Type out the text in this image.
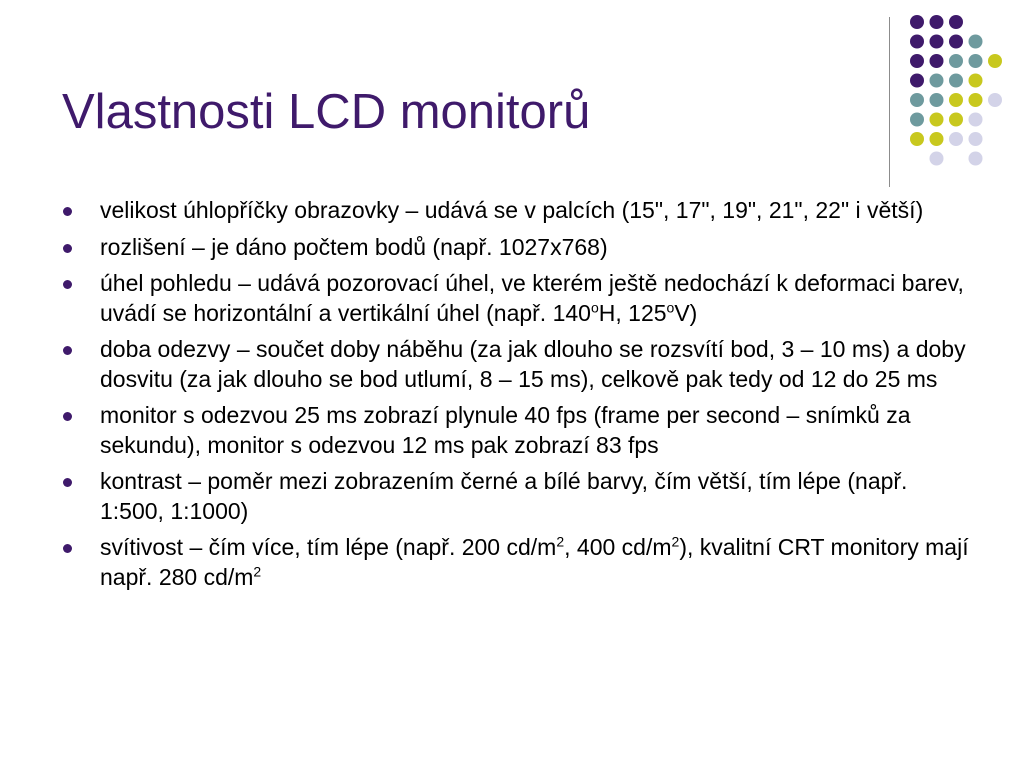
Vlastnosti LCD monitorů
velikost úhlopříčky obrazovky – udává se v palcích (15", 17", 19", 21", 22" i větší)
rozlišení – je dáno počtem bodů (např. 1027x768)
úhel pohledu – udává pozorovací úhel, ve kterém ještě nedochází k deformaci barev, uvádí se horizontální a vertikální úhel (např. 140$^o$H, 125$^o$V)
doba odezvy – součet doby náběhu (za jak dlouho se rozsvítí bod, 3 – 10 ms) a doby dosvitu (za jak dlouho se bod utlumí, 8 – 15 ms), celkově pak tedy od 12 do 25 ms
monitor s odezvou 25 ms zobrazí plynule 40 fps (frame per second – snímků za sekundu), monitor s odezvou 12 ms pak zobrazí 83 fps
kontrast – poměr mezi zobrazením černé a bílé barvy, čím větší, tím lépe (např. 1:500, 1:1000)
svítivost – čím více, tím lépe (např. 200 $cd/m^2$, 400 $cd/m^2$), kvalitní CRT monitory mají např. 280 $cd/m^2$
